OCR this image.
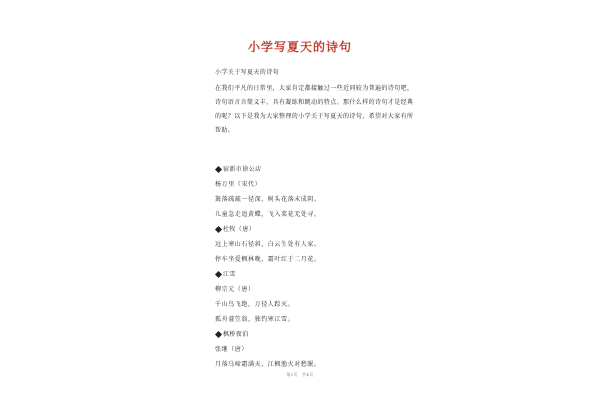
小学写夏天的诗句

小学关于写夏天的诗句

在我们平凡的日常里，大家肯定都接触过一些近同较为普遍的诗句吧，诗句语言言简义丰，具有凝练和跳动的特点。那什么样的诗句才是经典的呢？以下是我为大家整理的小学关于写夏天的诗句，希望对大家有所帮助。

宿新市徐公店

杨万里（宋代）

篱落疏疏一径深，树头花落未成阴。

儿童急走追黄蝶，飞入菜花无处寻。

杜牧（唐）

远上寒山石径斜，白云生处有人家。

停车坐爱枫林晚，霜叶红于二月花。

江雪

柳宗元（唐）

千山鸟飞绝，万径人踪灭。

孤舟蓑笠翁，独钓寒江雪。

枫桥夜泊

张继（唐）

月落乌啼霜满天，江枫渔火对愁眠。

第1页　共4页
